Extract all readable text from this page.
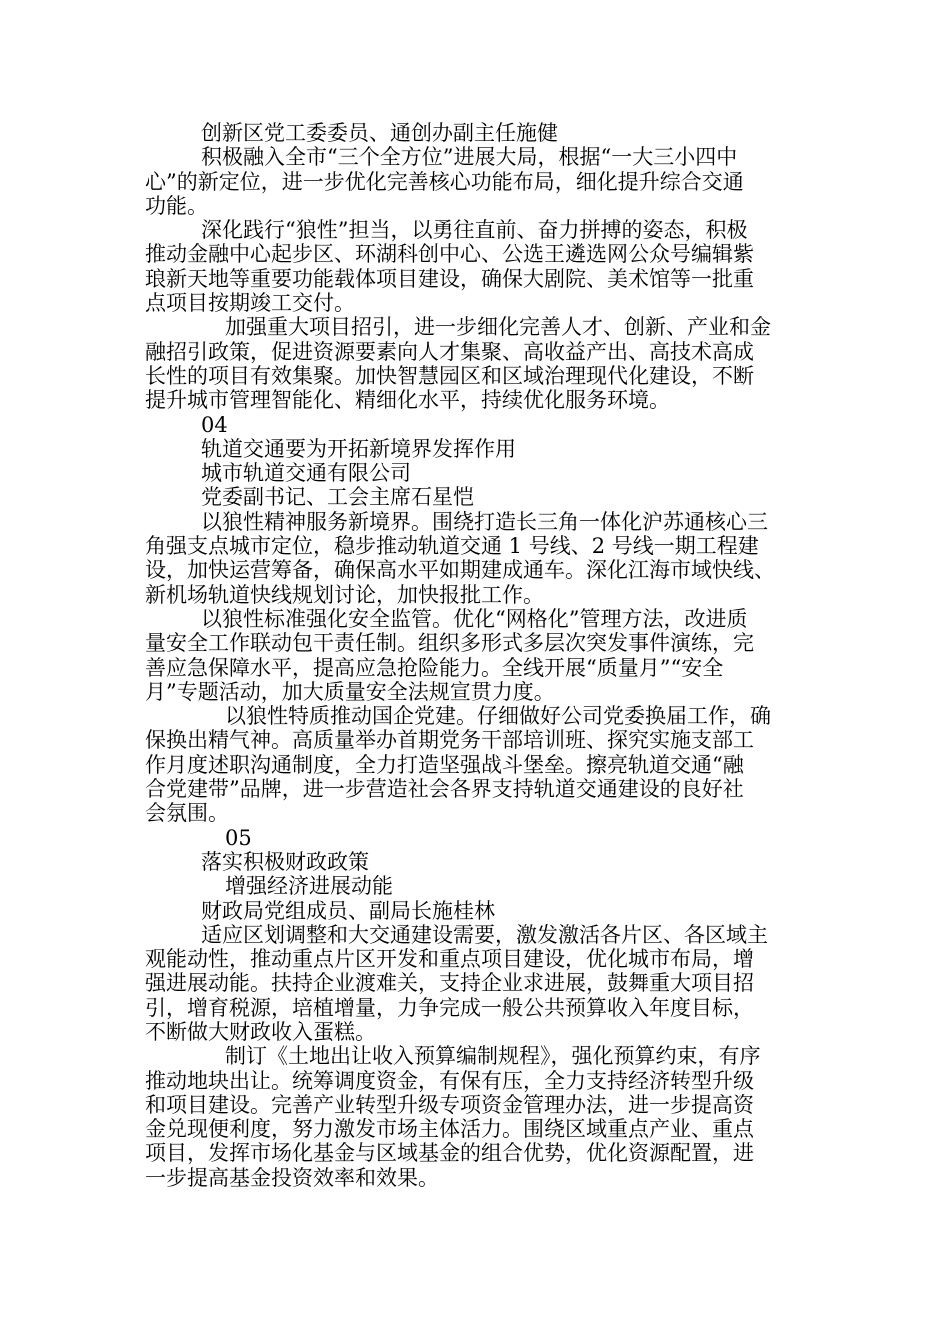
创新区党工委委员、通创办副主任施健
积极融入全市“三个全方位”进展大局，根据“一大三小四中
心”的新定位，进一步优化完善核心功能布局，细化提升综合交通
功能。
深化践行“狼性”担当，以勇往直前、奋力拼搏的姿态，积极
推动金融中心起步区、环湖科创中心、公选王遴选网公众号编辑紫
琅新天地等重要功能载体项目建设，确保大剧院、美术馆等一批重
点项目按期竣工交付。
加强重大项目招引，进一步细化完善人才、创新、产业和金
融招引政策，促进资源要素向人才集聚、高收益产出、高技术高成
长性的项目有效集聚。加快智慧园区和区域治理现代化建设，不断
提升城市管理智能化、精细化水平，持续优化服务环境。
04
轨道交通要为开拓新境界发挥作用
城市轨道交通有限公司
党委副书记、工会主席石星恺
以狼性精神服务新境界。围绕打造长三角一体化沪苏通核心三
角强支点城市定位，稳步推动轨道交通 1 号线、2 号线一期工程建
设，加快运营筹备，确保高水平如期建成通车。深化江海市域快线、
新机场轨道快线规划讨论，加快报批工作。
以狼性标准强化安全监管。优化“网格化”管理方法，改进质
量安全工作联动包干责任制。组织多形式多层次突发事件演练，完
善应急保障水平，提高应急抢险能力。全线开展“质量月”“安全
月”专题活动，加大质量安全法规宣贯力度。
以狼性特质推动国企党建。仔细做好公司党委换届工作，确
保换出精气神。高质量举办首期党务干部培训班、探究实施支部工
作月度述职沟通制度，全力打造坚强战斗堡垒。擦亮轨道交通“融
合党建带”品牌，进一步营造社会各界支持轨道交通建设的良好社
会氛围。
05
落实积极财政政策
增强经济进展动能
财政局党组成员、副局长施桂林
适应区划调整和大交通建设需要，激发激活各片区、各区域主
观能动性，推动重点片区开发和重点项目建设，优化城市布局，增
强进展动能。扶持企业渡难关，支持企业求进展，鼓舞重大项目招
引，增育税源，培植增量，力争完成一般公共预算收入年度目标，
不断做大财政收入蛋糕。
制订《土地出让收入预算编制规程》，强化预算约束，有序
推动地块出让。统筹调度资金，有保有压，全力支持经济转型升级
和项目建设。完善产业转型升级专项资金管理办法，进一步提高资
金兑现便利度，努力激发市场主体活力。围绕区域重点产业、重点
项目，发挥市场化基金与区域基金的组合优势，优化资源配置，进
一步提高基金投资效率和效果。
